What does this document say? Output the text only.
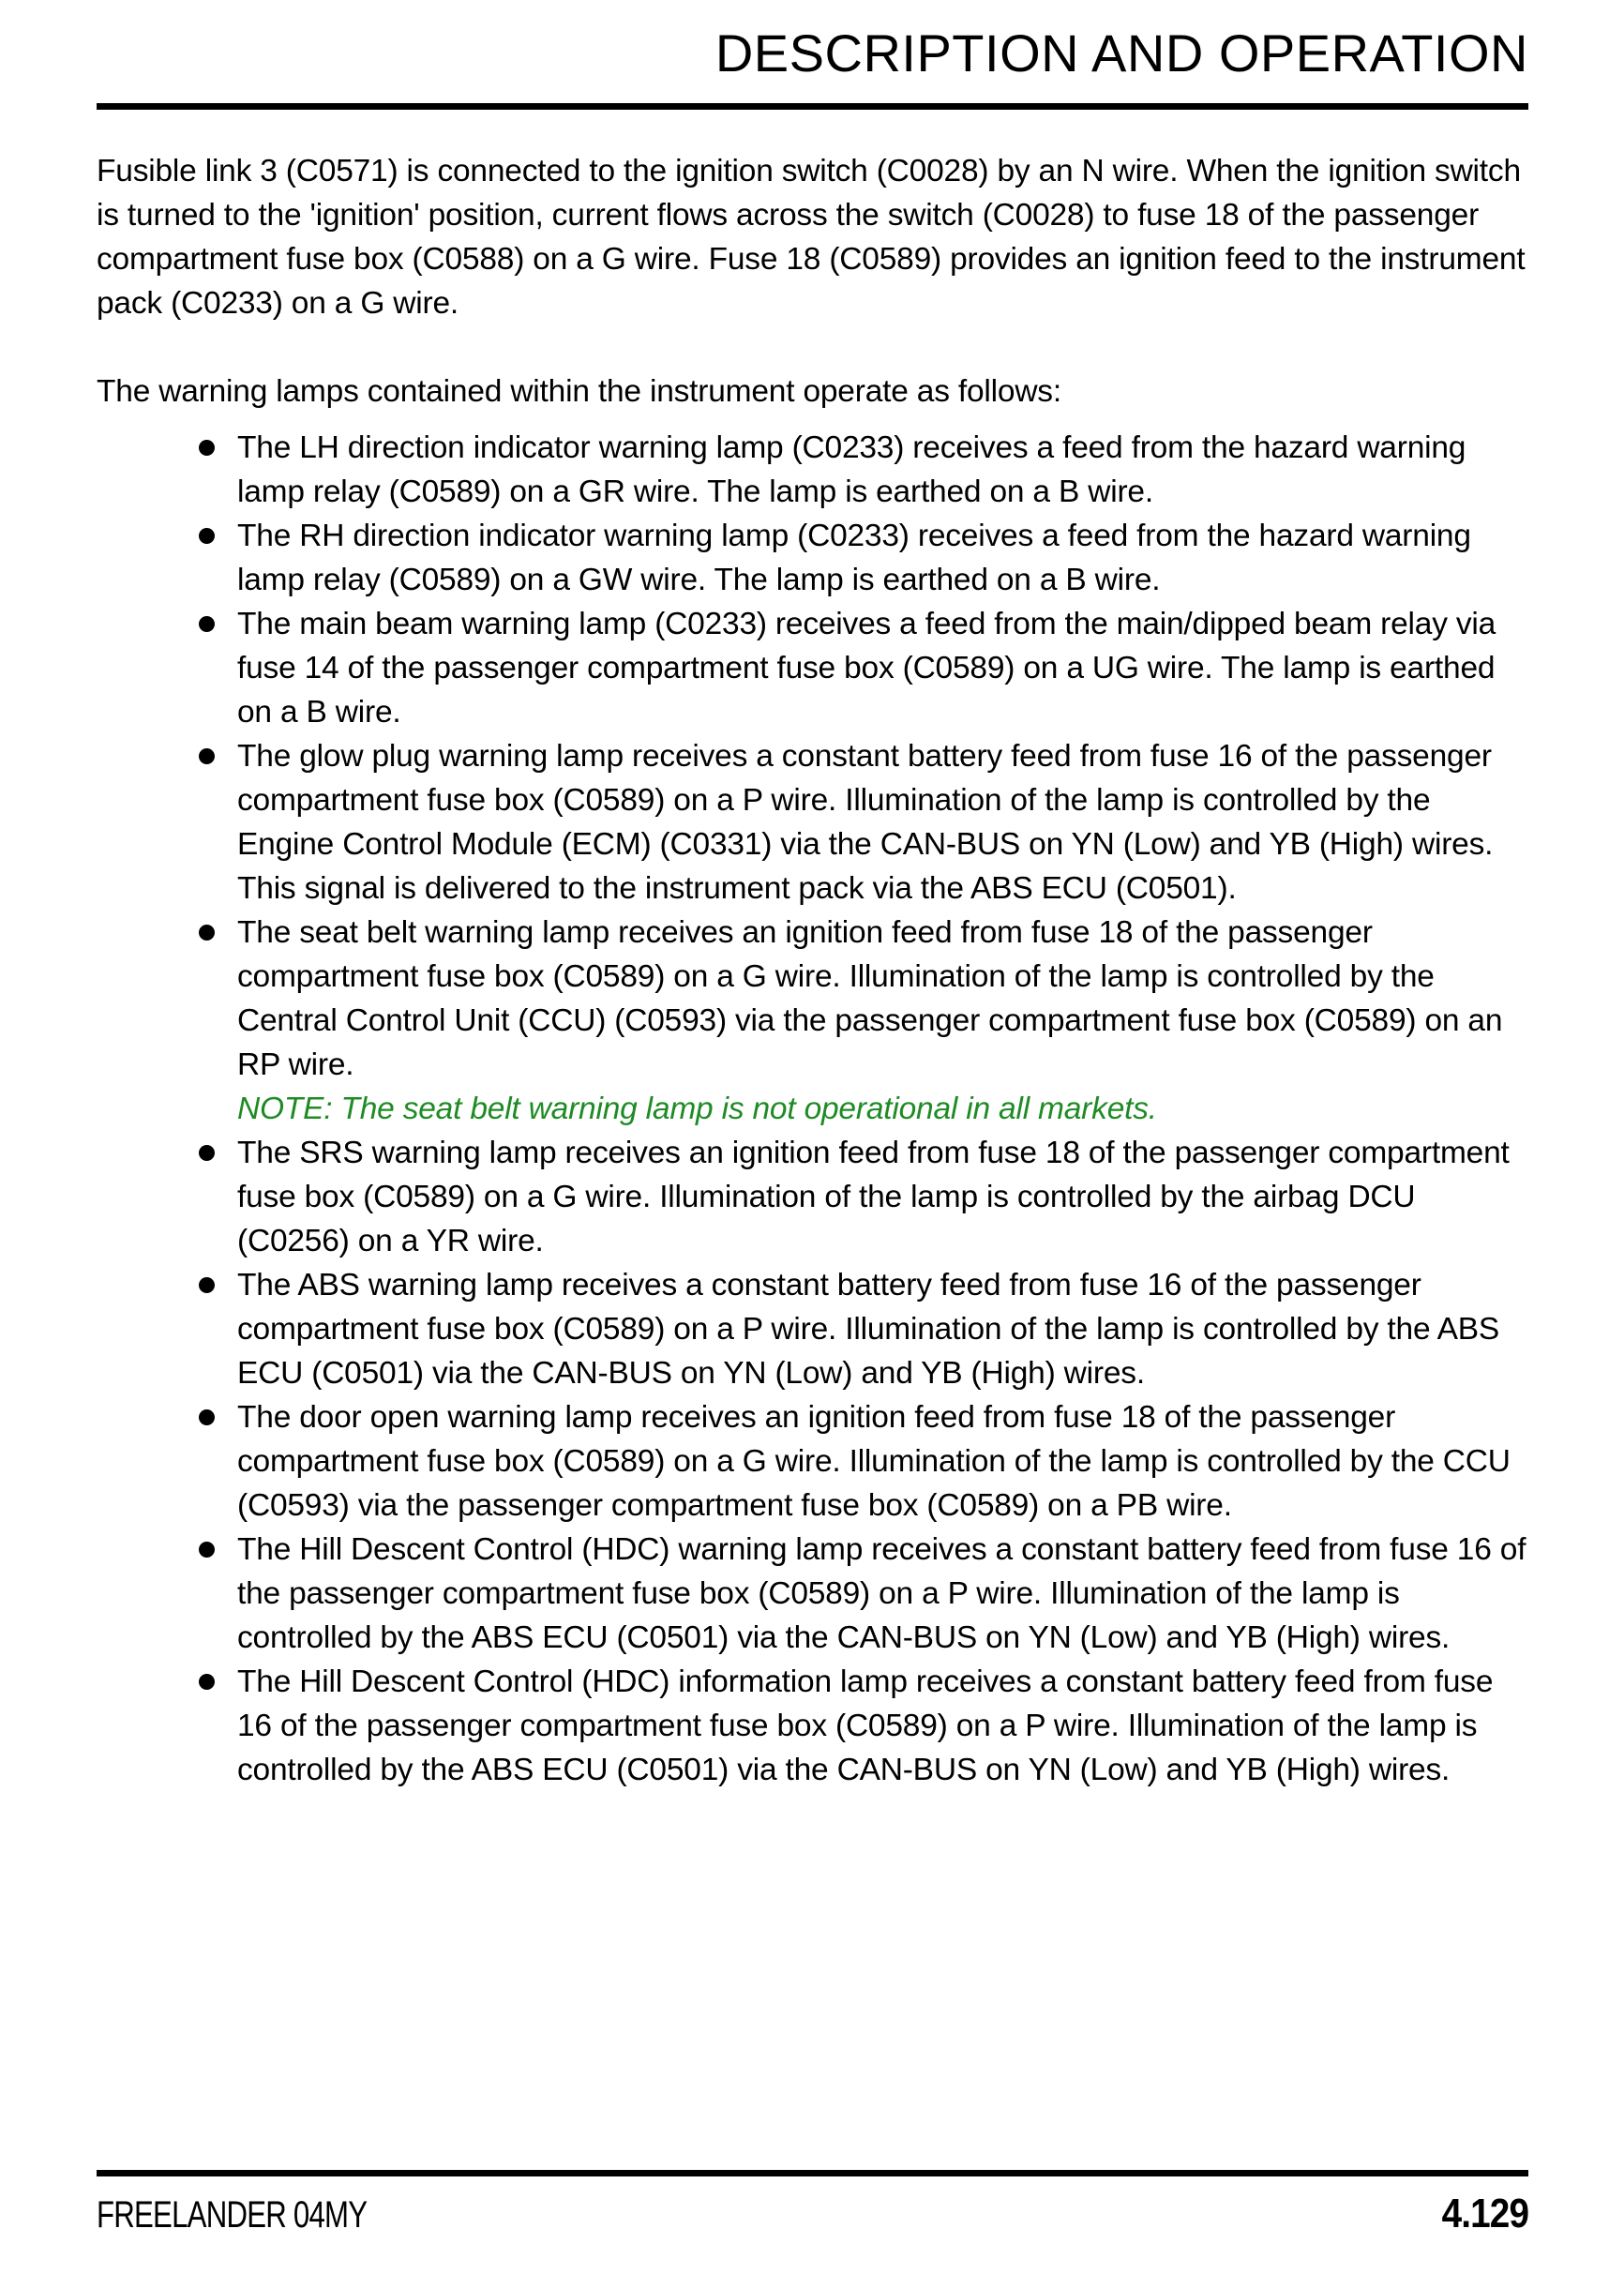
DESCRIPTION AND OPERATION

Fusible link 3 (C0571) is connected to the ignition switch (C0028) by an N wire. When the ignition switch is turned to the 'ignition' position, current flows across the switch (C0028) to fuse 18 of the passenger compartment fuse box (C0588) on a G wire. Fuse 18 (C0589) provides an ignition feed to the instrument pack (C0233) on a G wire.

The warning lamps contained within the instrument operate as follows:

The LH direction indicator warning lamp (C0233) receives a feed from the hazard warning lamp relay (C0589) on a GR wire. The lamp is earthed on a B wire.
The RH direction indicator warning lamp (C0233) receives a feed from the hazard warning lamp relay (C0589) on a GW wire. The lamp is earthed on a B wire.
The main beam warning lamp (C0233) receives a feed from the main/dipped beam relay via fuse 14 of the passenger compartment fuse box (C0589) on a UG wire. The lamp is earthed on a B wire.
The glow plug warning lamp receives a constant battery feed from fuse 16 of the passenger compartment fuse box (C0589) on a P wire. Illumination of the lamp is controlled by the Engine Control Module (ECM) (C0331) via the CAN-BUS on YN (Low) and YB (High) wires. This signal is delivered to the instrument pack via the ABS ECU (C0501).
The seat belt warning lamp receives an ignition feed from fuse 18 of the passenger compartment fuse box (C0589) on a G wire. Illumination of the lamp is controlled by the Central Control Unit (CCU) (C0593) via the passenger compartment fuse box (C0589) on an RP wire.
NOTE: The seat belt warning lamp is not operational in all markets.
The SRS warning lamp receives an ignition feed from fuse 18 of the passenger compartment fuse box (C0589) on a G wire. Illumination of the lamp is controlled by the airbag DCU (C0256) on a YR wire.
The ABS warning lamp receives a constant battery feed from fuse 16 of the passenger compartment fuse box (C0589) on a P wire. Illumination of the lamp is controlled by the ABS ECU (C0501) via the CAN-BUS on YN (Low) and YB (High) wires.
The door open warning lamp receives an ignition feed from fuse 18 of the passenger compartment fuse box (C0589) on a G wire. Illumination of the lamp is controlled by the CCU (C0593) via the passenger compartment fuse box (C0589) on a PB wire.
The Hill Descent Control (HDC) warning lamp receives a constant battery feed from fuse 16 of the passenger compartment fuse box (C0589) on a P wire. Illumination of the lamp is controlled by the ABS ECU (C0501) via the CAN-BUS on YN (Low) and YB (High) wires.
The Hill Descent Control (HDC) information lamp receives a constant battery feed from fuse 16 of the passenger compartment fuse box (C0589) on a P wire. Illumination of the lamp is controlled by the ABS ECU (C0501) via the CAN-BUS on YN (Low) and YB (High) wires.
FREELANDER 04MY	4.129
